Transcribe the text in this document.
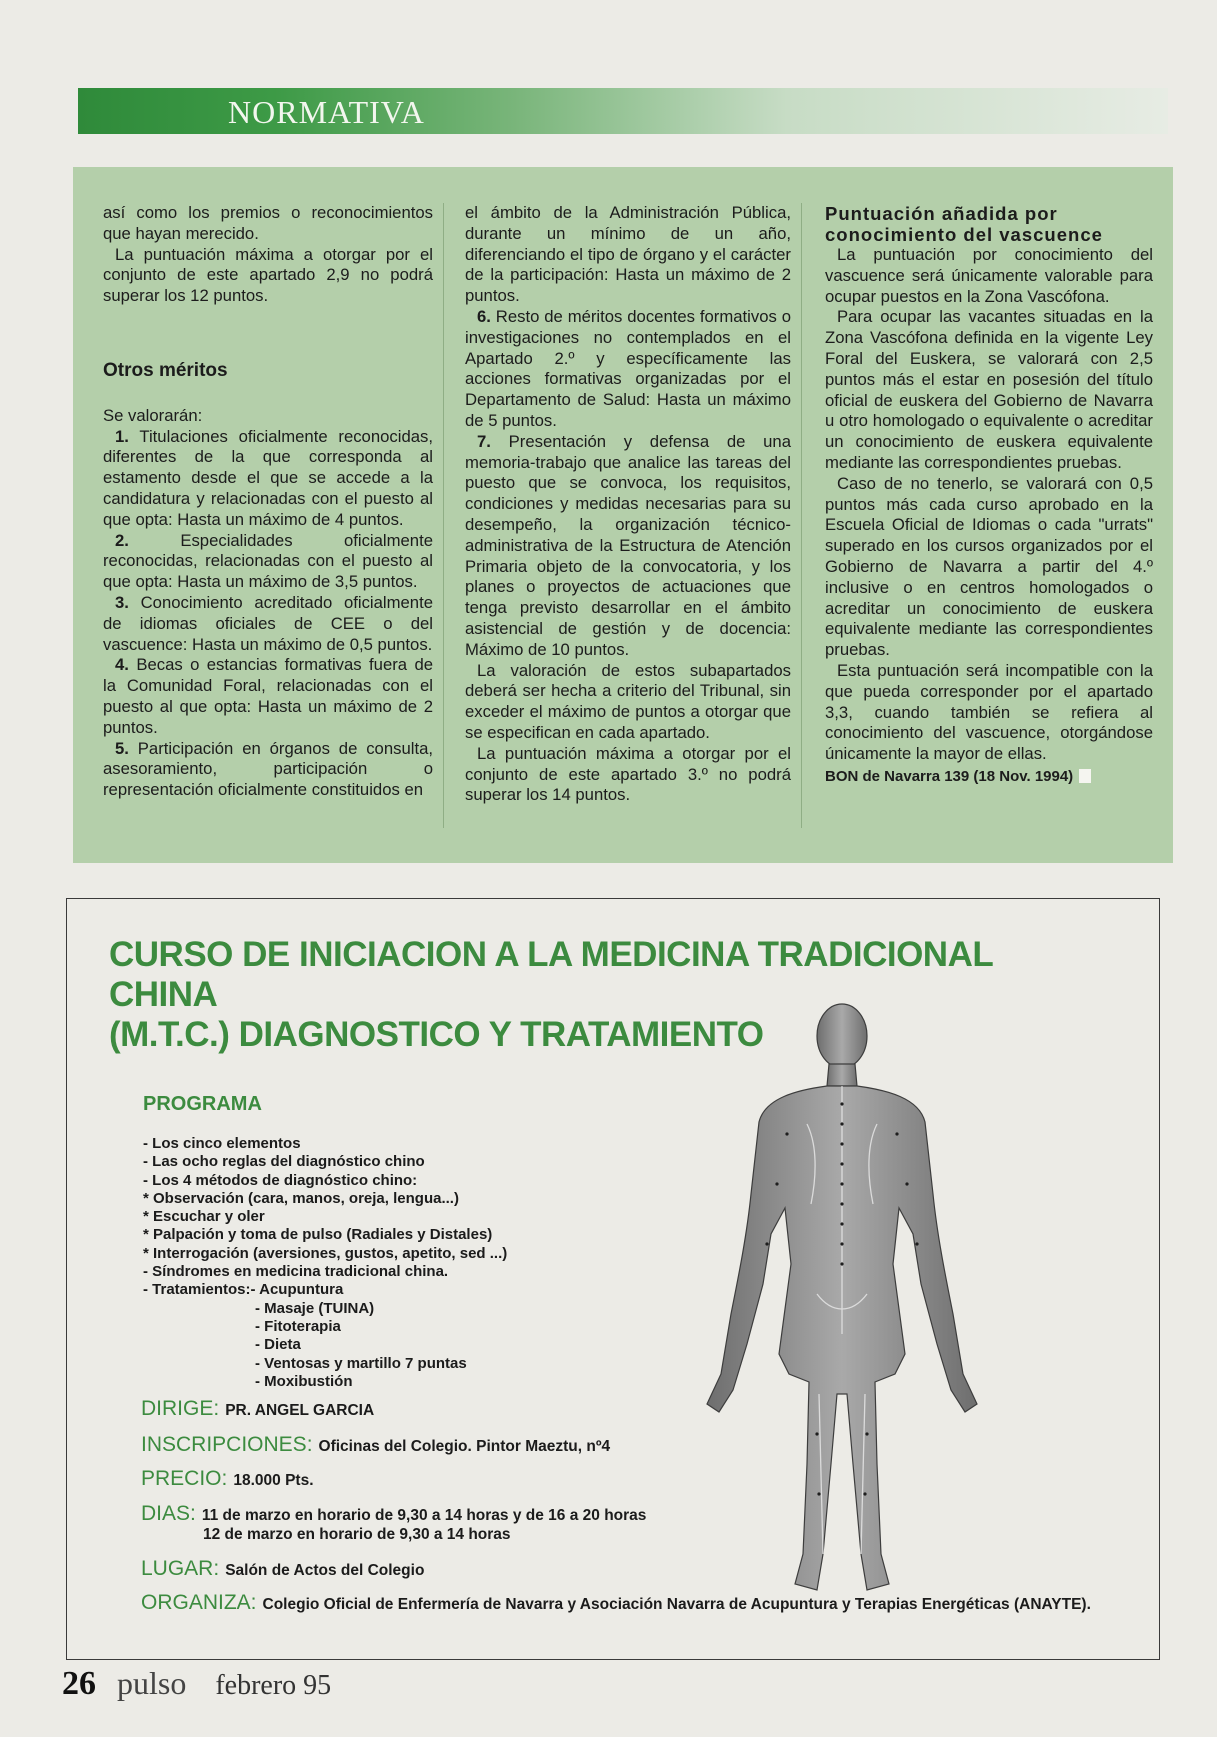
NORMATIVA

así como los premios o reconocimientos que hayan merecido.

La puntuación máxima a otorgar por el conjunto de este apartado 2,9 no podrá superar los 12 puntos.

Otros méritos

Se valorarán:

1. Titulaciones oficialmente reconocidas, diferentes de la que corresponda al estamento desde el que se accede a la candidatura y relacionadas con el puesto al que opta: Hasta un máximo de 4 puntos.

2.	Especialidades oficialmente reconocidas, relacionadas con el puesto al que opta: Hasta un máximo de 3,5 puntos.

3. Conocimiento acreditado oficialmente de idiomas oficiales de CEE o del vascuence: Hasta un máximo de 0,5 puntos.

4. Becas o estancias formativas fuera de la Comunidad Foral, relacionadas con el puesto al que opta: Hasta un máximo de 2 puntos.

5. Participación en órganos de consulta, asesoramiento, participación o representación oficialmente constituidos en

el ámbito de la Administración Pública, durante un mínimo de un año, diferenciando el tipo de órgano y el carácter de la participación: Hasta un máximo de 2 puntos.

6. Resto de méritos docentes formativos o investigaciones no contemplados en el Apartado 2.º y específicamente las acciones formativas organizadas por el Departamento de Salud: Hasta un máximo de 5 puntos.

7. Presentación y defensa de una memoria-trabajo que analice las tareas del puesto que se convoca, los requisitos, condiciones y medidas necesarias para su desempeño, la organización técnico-administrativa de la Estructura de Atención Primaria objeto de la convocatoria, y los planes o proyectos de actuaciones que tenga previsto desarrollar en el ámbito asistencial de gestión y de docencia: Máximo de 10 puntos.

La valoración de estos subapartados deberá ser hecha a criterio del Tribunal, sin exceder el máximo de puntos a otorgar que se especifican en cada apartado.

La puntuación máxima a otorgar por el conjunto de este apartado 3.º no podrá superar los 14 puntos.

Puntuación añadida por

conocimiento del vascuence

La puntuación por conocimiento del vascuence será únicamente valorable para ocupar puestos en la Zona Vascófona.

Para ocupar las vacantes situadas en la Zona Vascófona definida en la vigente Ley Foral del Euskera, se valorará con 2,5 puntos más el estar en posesión del título oficial de euskera del Gobierno de Navarra u otro homologado o equivalente o acreditar un conocimiento de euskera equivalente mediante las correspondientes pruebas.

Caso de no tenerlo, se valorará con 0,5 puntos más cada curso aprobado en la Escuela Oficial de Idiomas o cada "urrats" superado en los cursos organizados por el Gobierno de Navarra a partir del 4.º inclusive o en centros homologados o acreditar un conocimiento de euskera equivalente mediante las correspondientes pruebas.

Esta puntuación será incompatible con la que pueda corresponder por el apartado 3,3, cuando también se refiera al conocimiento del vascuence, otorgándose únicamente la mayor de ellas.

BON de Navarra 139 (18 Nov. 1994)

CURSO DE INICIACION A LA MEDICINA TRADICIONAL CHINA
(M.T.C.) DIAGNOSTICO Y TRATAMIENTO
PROGRAMA
- Los cinco elementos
- Las ocho reglas del diagnóstico chino
- Los 4 métodos de diagnóstico chino:
* Observación (cara, manos, oreja, lengua...)
* Escuchar y oler
* Palpación y toma de pulso (Radiales y Distales)
* Interrogación (aversiones, gustos, apetito, sed ...)
- Síndromes en medicina tradicional china.
- Tratamientos:- Acupuntura
- Masaje (TUINA)
- Fitoterapia
- Dieta
- Ventosas y martillo 7 puntas
- Moxibustión
DIRIGE: PR. ANGEL GARCIA
INSCRIPCIONES: Oficinas del Colegio. Pintor Maeztu, nº4
PRECIO: 18.000 Pts.
DIAS: 11 de marzo en horario de 9,30 a 14 horas y de 16 a 20 horas
12 de marzo en horario de 9,30 a 14 horas
LUGAR: Salón de Actos del Colegio
ORGANIZA: Colegio Oficial de Enfermería de Navarra y Asociación Navarra de Acupuntura y Terapias Energéticas (ANAYTE).
26 pulso febrero 95
